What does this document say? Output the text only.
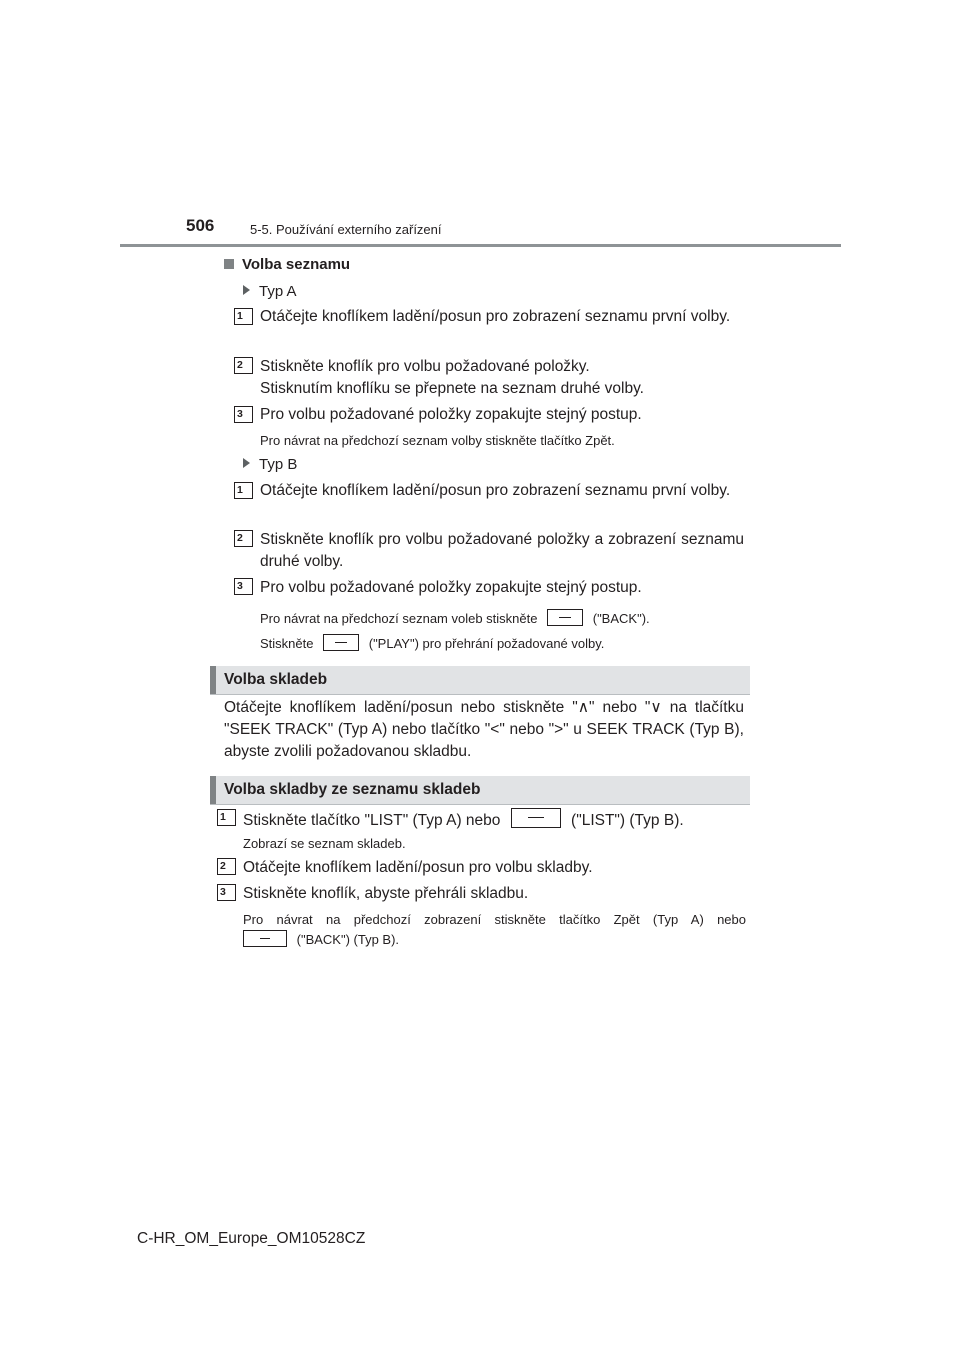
506	5-5. Používání externího zařízení
Volba seznamu
Typ A
1	Otáčejte knoflíkem ladění/posun pro zobrazení seznamu první volby.
2	Stiskněte knoflík pro volbu požadované položky.
Stisknutím knoflíku se přepnete na seznam druhé volby.
3	Pro volbu požadované položky zopakujte stejný postup.
Pro návrat na předchozí seznam volby stiskněte tlačítko Zpět.
Typ B
1	Otáčejte knoflíkem ladění/posun pro zobrazení seznamu první volby.
2	Stiskněte knoflík pro volbu požadované položky a zobrazení seznamu druhé volby.
3	Pro volbu požadované položky zopakujte stejný postup.
Pro návrat na předchozí seznam voleb stiskněte	("BACK").
Stiskněte	("PLAY") pro přehrání požadované volby.
Volba skladeb
Otáčejte knoflíkem ladění/posun nebo stiskněte "∧" nebo "∨ na tlačítku "SEEK TRACK" (Typ A) nebo tlačítko "<" nebo ">" u SEEK TRACK (Typ B), abyste zvolili požadovanou skladbu.
Volba skladby ze seznamu skladeb
1	Stiskněte tlačítko "LIST" (Typ A) nebo	("LIST") (Typ B).
Zobrazí se seznam skladeb.
2	Otáčejte knoflíkem ladění/posun pro volbu skladby.
3	Stiskněte knoflík, abyste přehráli skladbu.
Pro návrat na předchozí zobrazení stiskněte tlačítko Zpět (Typ A) nebo
("BACK") (Typ B).
C-HR_OM_Europe_OM10528CZ
